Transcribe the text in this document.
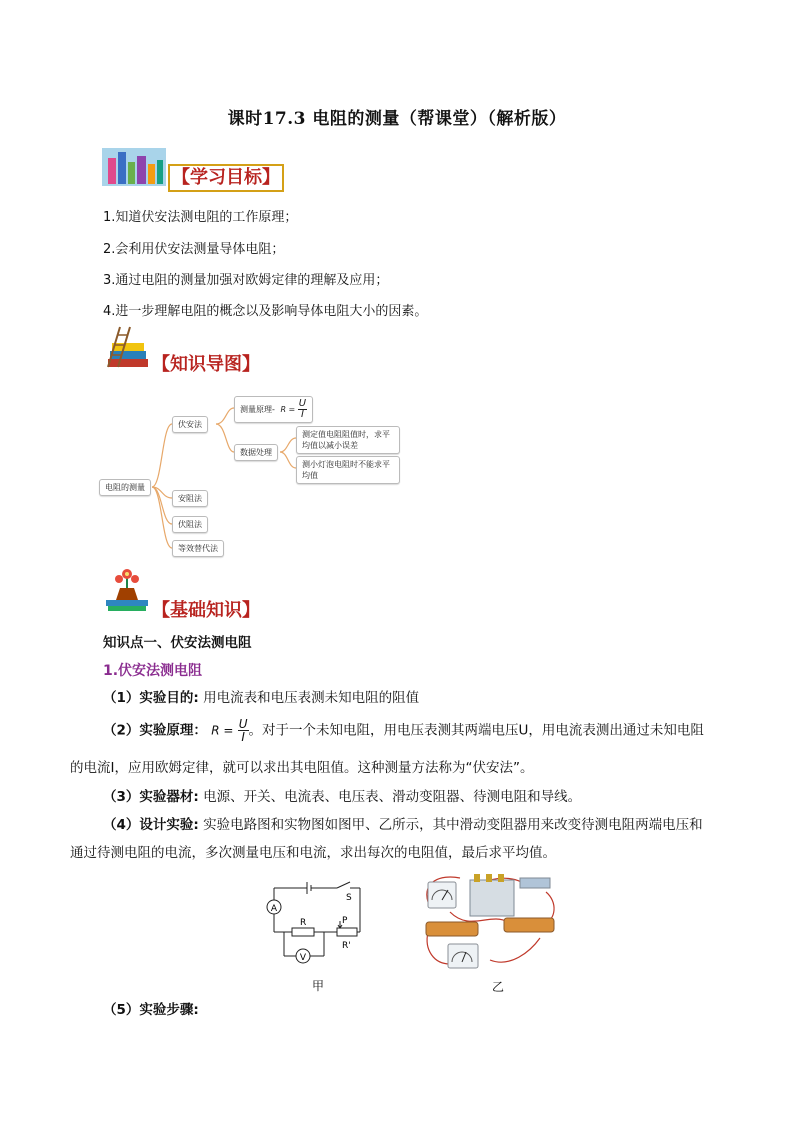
课时17.3 电阻的测量（帮课堂）（解析版）
【学习目标】
1.知道伏安法测电阻的工作原理；
2.会利用伏安法测量导体电阻；
3.通过电阻的测量加强对欧姆定律的理解及应用；
4.进一步理解电阻的概念以及影响导体电阻大小的因素。
【知识导图】
电阻的测量
伏安法
测量原理- $R = \frac{U}{I}$
数据处理
测定值电阻阻值时，求平
均值以减小误差
测小灯泡电阻时不能求平
均值
安阻法
伏阻法
等效替代法
【基础知识】
知识点一、伏安法测电阻
1.伏安法测电阻
（1）实验目的: 用电流表和电压表测未知电阻的阻值
（2）实验原理： $R = \frac{U}{I}$ 。对于一个未知电阻，用电压表测其两端电压U，用电流表测出通过未知电阻
的电流I，应用欧姆定律，就可以求出其电阻值。这种测量方法称为“伏安法”。
（3）实验器材: 电源、开关、电流表、电压表、滑动变阻器、待测电阻和导线。
（4）设计实验: 实验电路图和实物图如图甲、乙所示，其中滑动变阻器用来改变待测电阻两端电压和
通过待测电阻的电流，多次测量电压和电流，求出每次的电阻值，最后求平均值。
A
V
S
R	P
R'
甲	乙
（5）实验步骤:
